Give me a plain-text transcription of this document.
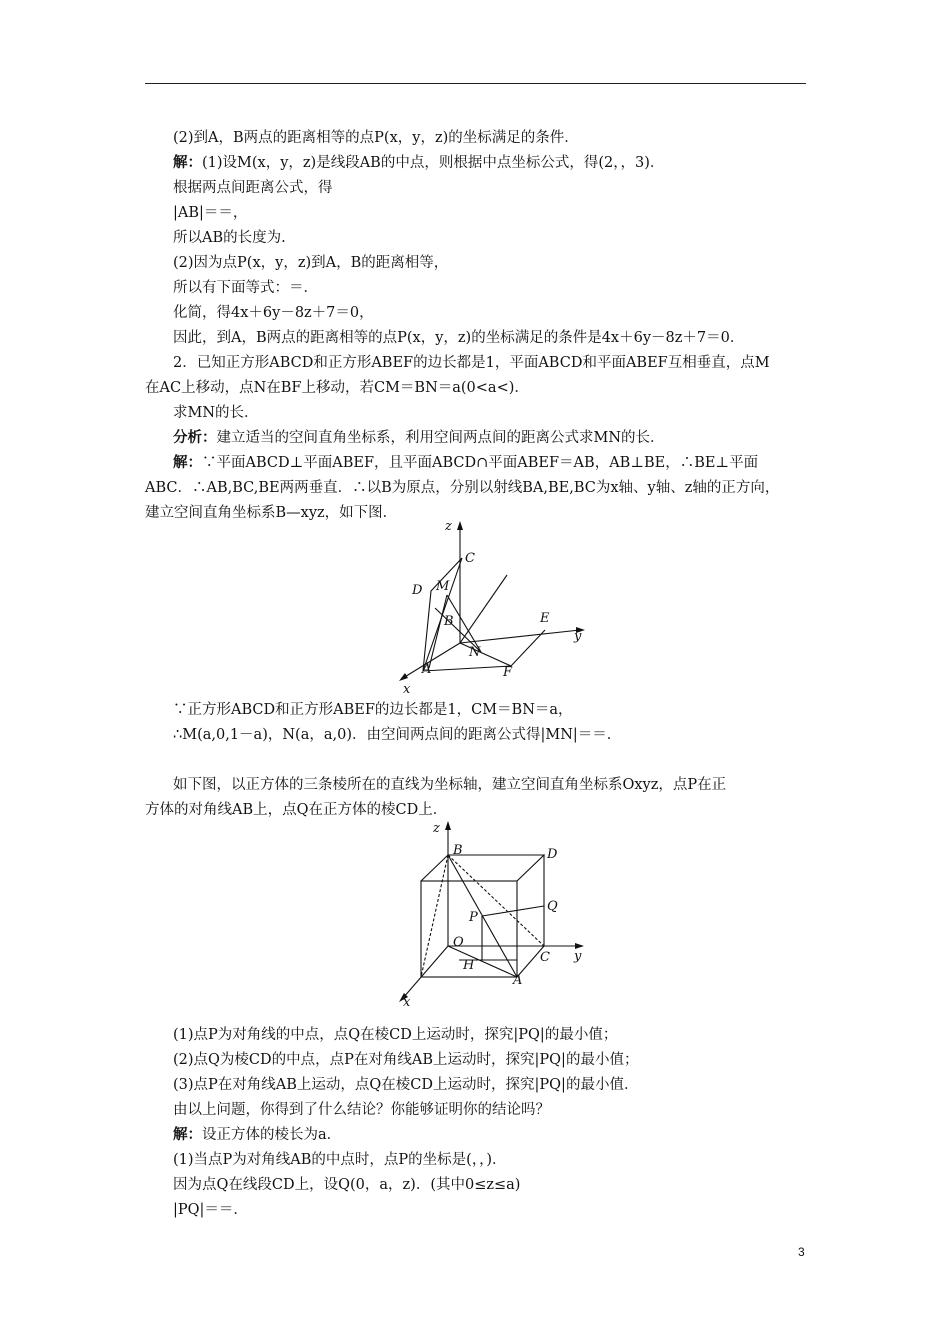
(2)到A，B两点的距离相等的点P(x，y，z)的坐标满足的条件．
解：(1)设M(x，y，z)是线段AB的中点，则根据中点坐标公式，得(2，，3)．
根据两点间距离公式，得
|AB|＝＝，
所以AB的长度为.
(2)因为点P(x，y，z)到A，B的距离相等，
所以有下面等式：＝．
化简，得4x＋6y－8z＋7＝0，
因此，到A，B两点的距离相等的点P(x，y，z)的坐标满足的条件是4x＋6y－8z＋7＝0．
2．已知正方形ABCD和正方形ABEF的边长都是1，平面ABCD和平面ABEF互相垂直，点M
在AC上移动，点N在BF上移动，若CM＝BN＝a(0<a<)．
求MN的长．
分析：建立适当的空间直角坐标系，利用空间两点间的距离公式求MN的长．
解：∵平面ABCD⊥平面ABEF，且平面ABCD∩平面ABEF＝AB，AB⊥BE，∴BE⊥平面
ABC．∴AB,BC,BE两两垂直．∴以B为原点，分别以射线BA,BE,BC为x轴、y轴、z轴的正方向，
建立空间直角坐标系B—xyz，如下图．
z
C
D M
B	E
y
N
A	F
x
∵正方形ABCD和正方形ABEF的边长都是1，CM＝BN＝a，
∴M(a,0,1－a)，N(a，a,0)．由空间两点间的距离公式得|MN|＝＝．
如下图，以正方体的三条棱所在的直线为坐标轴，建立空间直角坐标系Oxyz，点P在正
方体的对角线AB上，点Q在正方体的棱CD上．
z
B	D
Q
P
O
C y
H
A
x
(1)点P为对角线的中点，点Q在棱CD上运动时，探究|PQ|的最小值；
(2)点Q为棱CD的中点，点P在对角线AB上运动时，探究|PQ|的最小值；
(3)点P在对角线AB上运动，点Q在棱CD上运动时，探究|PQ|的最小值．
由以上问题，你得到了什么结论？你能够证明你的结论吗？
解：设正方体的棱长为a．
(1)当点P为对角线AB的中点时，点P的坐标是(，，)．
因为点Q在线段CD上，设Q(0，a，z)．(其中0≤z≤a)
|PQ|＝＝．
3
